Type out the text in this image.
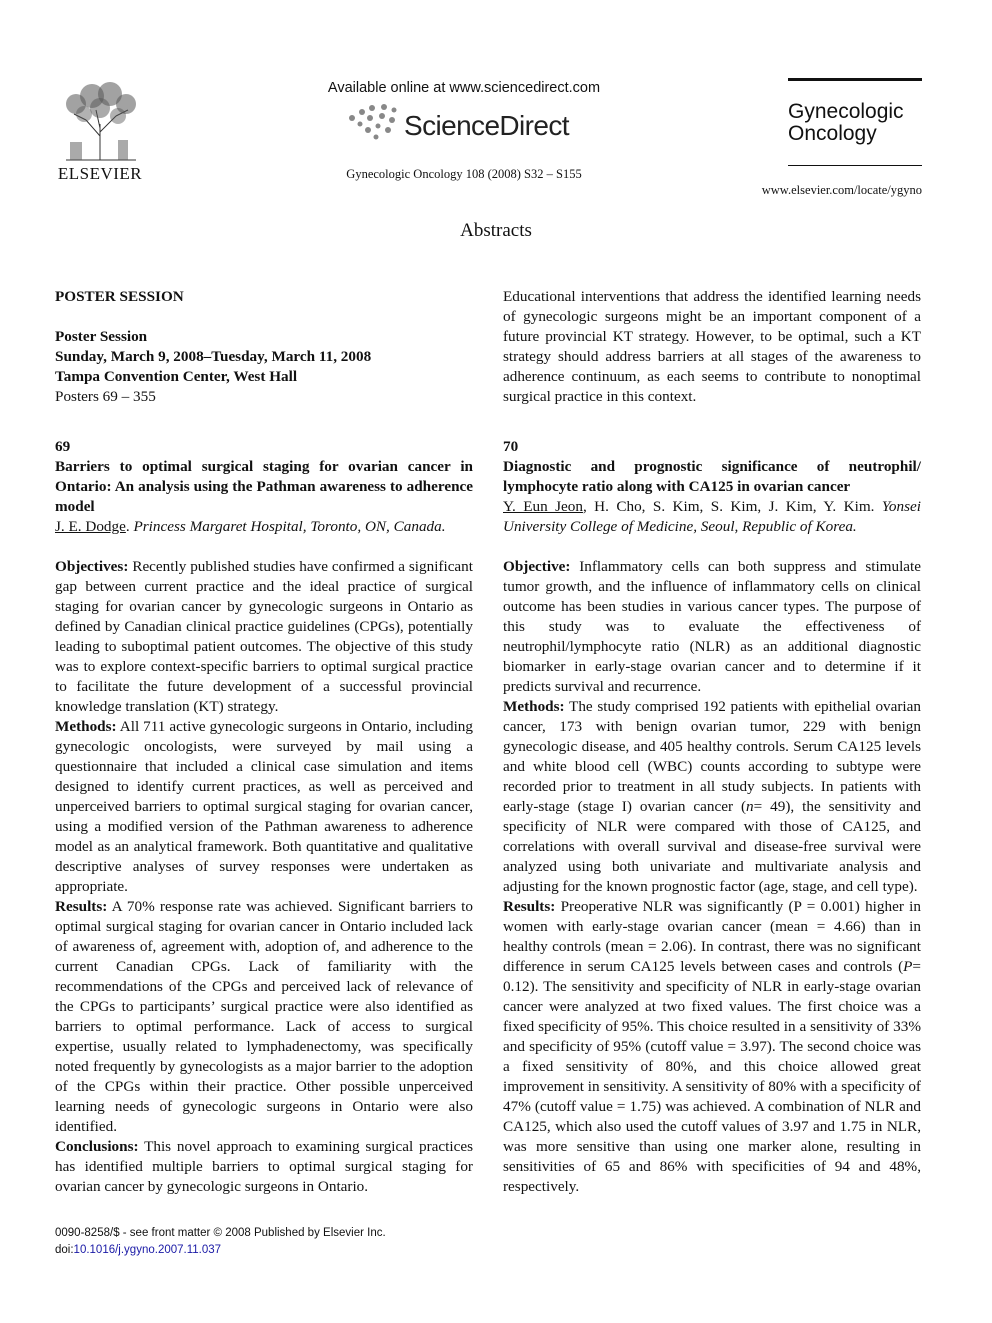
ELSEVIER
Available online at www.sciencedirect.com
ScienceDirect
Gynecologic Oncology 108 (2008) S32 – S155
Gynecologic
Oncology
www.elsevier.com/locate/ygyno
Abstracts

POSTER SESSION

Poster Session

Sunday, March 9, 2008–Tuesday, March 11, 2008

Tampa Convention Center, West Hall

Posters 69 – 355

69

Barriers to optimal surgical staging for ovarian cancer in Ontario: An analysis using the Pathman awareness to adherence model

J. E. Dodge. Princess Margaret Hospital, Toronto, ON, Canada.

Objectives: Recently published studies have confirmed a significant gap between current practice and the ideal practice of surgical staging for ovarian cancer by gynecologic surgeons in Ontario as defined by Canadian clinical practice guidelines (CPGs), potentially leading to suboptimal patient outcomes. The objective of this study was to explore context-specific barriers to optimal surgical practice to facilitate the future development of a successful provincial knowledge translation (KT) strategy.

Methods: All 711 active gynecologic surgeons in Ontario, including gynecologic oncologists, were surveyed by mail using a questionnaire that included a clinical case simulation and items designed to identify current practices, as well as perceived and unperceived barriers to optimal surgical staging for ovarian cancer, using a modified version of the Pathman awareness to adherence model as an analytical framework. Both quantitative and qualitative descriptive analyses of survey responses were undertaken as appropriate.

Results: A 70% response rate was achieved. Significant barriers to optimal surgical staging for ovarian cancer in Ontario included lack of awareness of, agreement with, adoption of, and adherence to the current Canadian CPGs. Lack of familiarity with the recommendations of the CPGs and perceived lack of relevance of the CPGs to participants’ surgical practice were also identified as barriers to optimal performance. Lack of access to surgical expertise, usually related to lymphadenectomy, was specifically noted frequently by gynecologists as a major barrier to the adoption of the CPGs within their practice. Other possible unperceived learning needs of gynecologic surgeons in Ontario were also identified.

Conclusions: This novel approach to examining surgical practices has identified multiple barriers to optimal surgical staging for ovarian cancer by gynecologic surgeons in Ontario.

Educational interventions that address the identified learning needs of gynecologic surgeons might be an important component of a future provincial KT strategy. However, to be optimal, such a KT strategy should address barriers at all stages of the awareness to adherence continuum, as each seems to contribute to nonoptimal surgical practice in this context.

70

Diagnostic and prognostic significance of neutrophil/ lymphocyte ratio along with CA125 in ovarian cancer

Y. Eun Jeon, H. Cho, S. Kim, S. Kim, J. Kim, Y. Kim. Yonsei University College of Medicine, Seoul, Republic of Korea.

Objective: Inflammatory cells can both suppress and stimulate tumor growth, and the influence of inflammatory cells on clinical outcome has been studies in various cancer types. The purpose of this study was to evaluate the effectiveness of neutrophil/lymphocyte ratio (NLR) as an additional diagnostic biomarker in early-stage ovarian cancer and to determine if it predicts survival and recurrence.

Methods: The study comprised 192 patients with epithelial ovarian cancer, 173 with benign ovarian tumor, 229 with benign gynecologic disease, and 405 healthy controls. Serum CA125 levels and white blood cell (WBC) counts according to subtype were recorded prior to treatment in all study subjects. In patients with early-stage (stage I) ovarian cancer (n= 49), the sensitivity and specificity of NLR were compared with those of CA125, and correlations with overall survival and disease-free survival were analyzed using both univariate and multivariate analysis and adjusting for the known prognostic factor (age, stage, and cell type).

Results: Preoperative NLR was significantly (P = 0.001) higher in women with early-stage ovarian cancer (mean = 4.66) than in healthy controls (mean = 2.06). In contrast, there was no significant difference in serum CA125 levels between cases and controls (P= 0.12). The sensitivity and specificity of NLR in early-stage ovarian cancer were analyzed at two fixed values. The first choice was a fixed specificity of 95%. This choice resulted in a sensitivity of 33% and specificity of 95% (cutoff value = 3.97). The second choice was a fixed sensitivity of 80%, and this choice allowed great improvement in sensitivity. A sensitivity of 80% with a specificity of 47% (cutoff value = 1.75) was achieved. A combination of NLR and CA125, which also used the cutoff values of 3.97 and 1.75 in NLR, was more sensitive than using one marker alone, resulting in sensitivities of 65 and 86% with specificities of 94 and 48%, respectively.

0090-8258/$ - see front matter © 2008 Published by Elsevier Inc.
doi:10.1016/j.ygyno.2007.11.037
